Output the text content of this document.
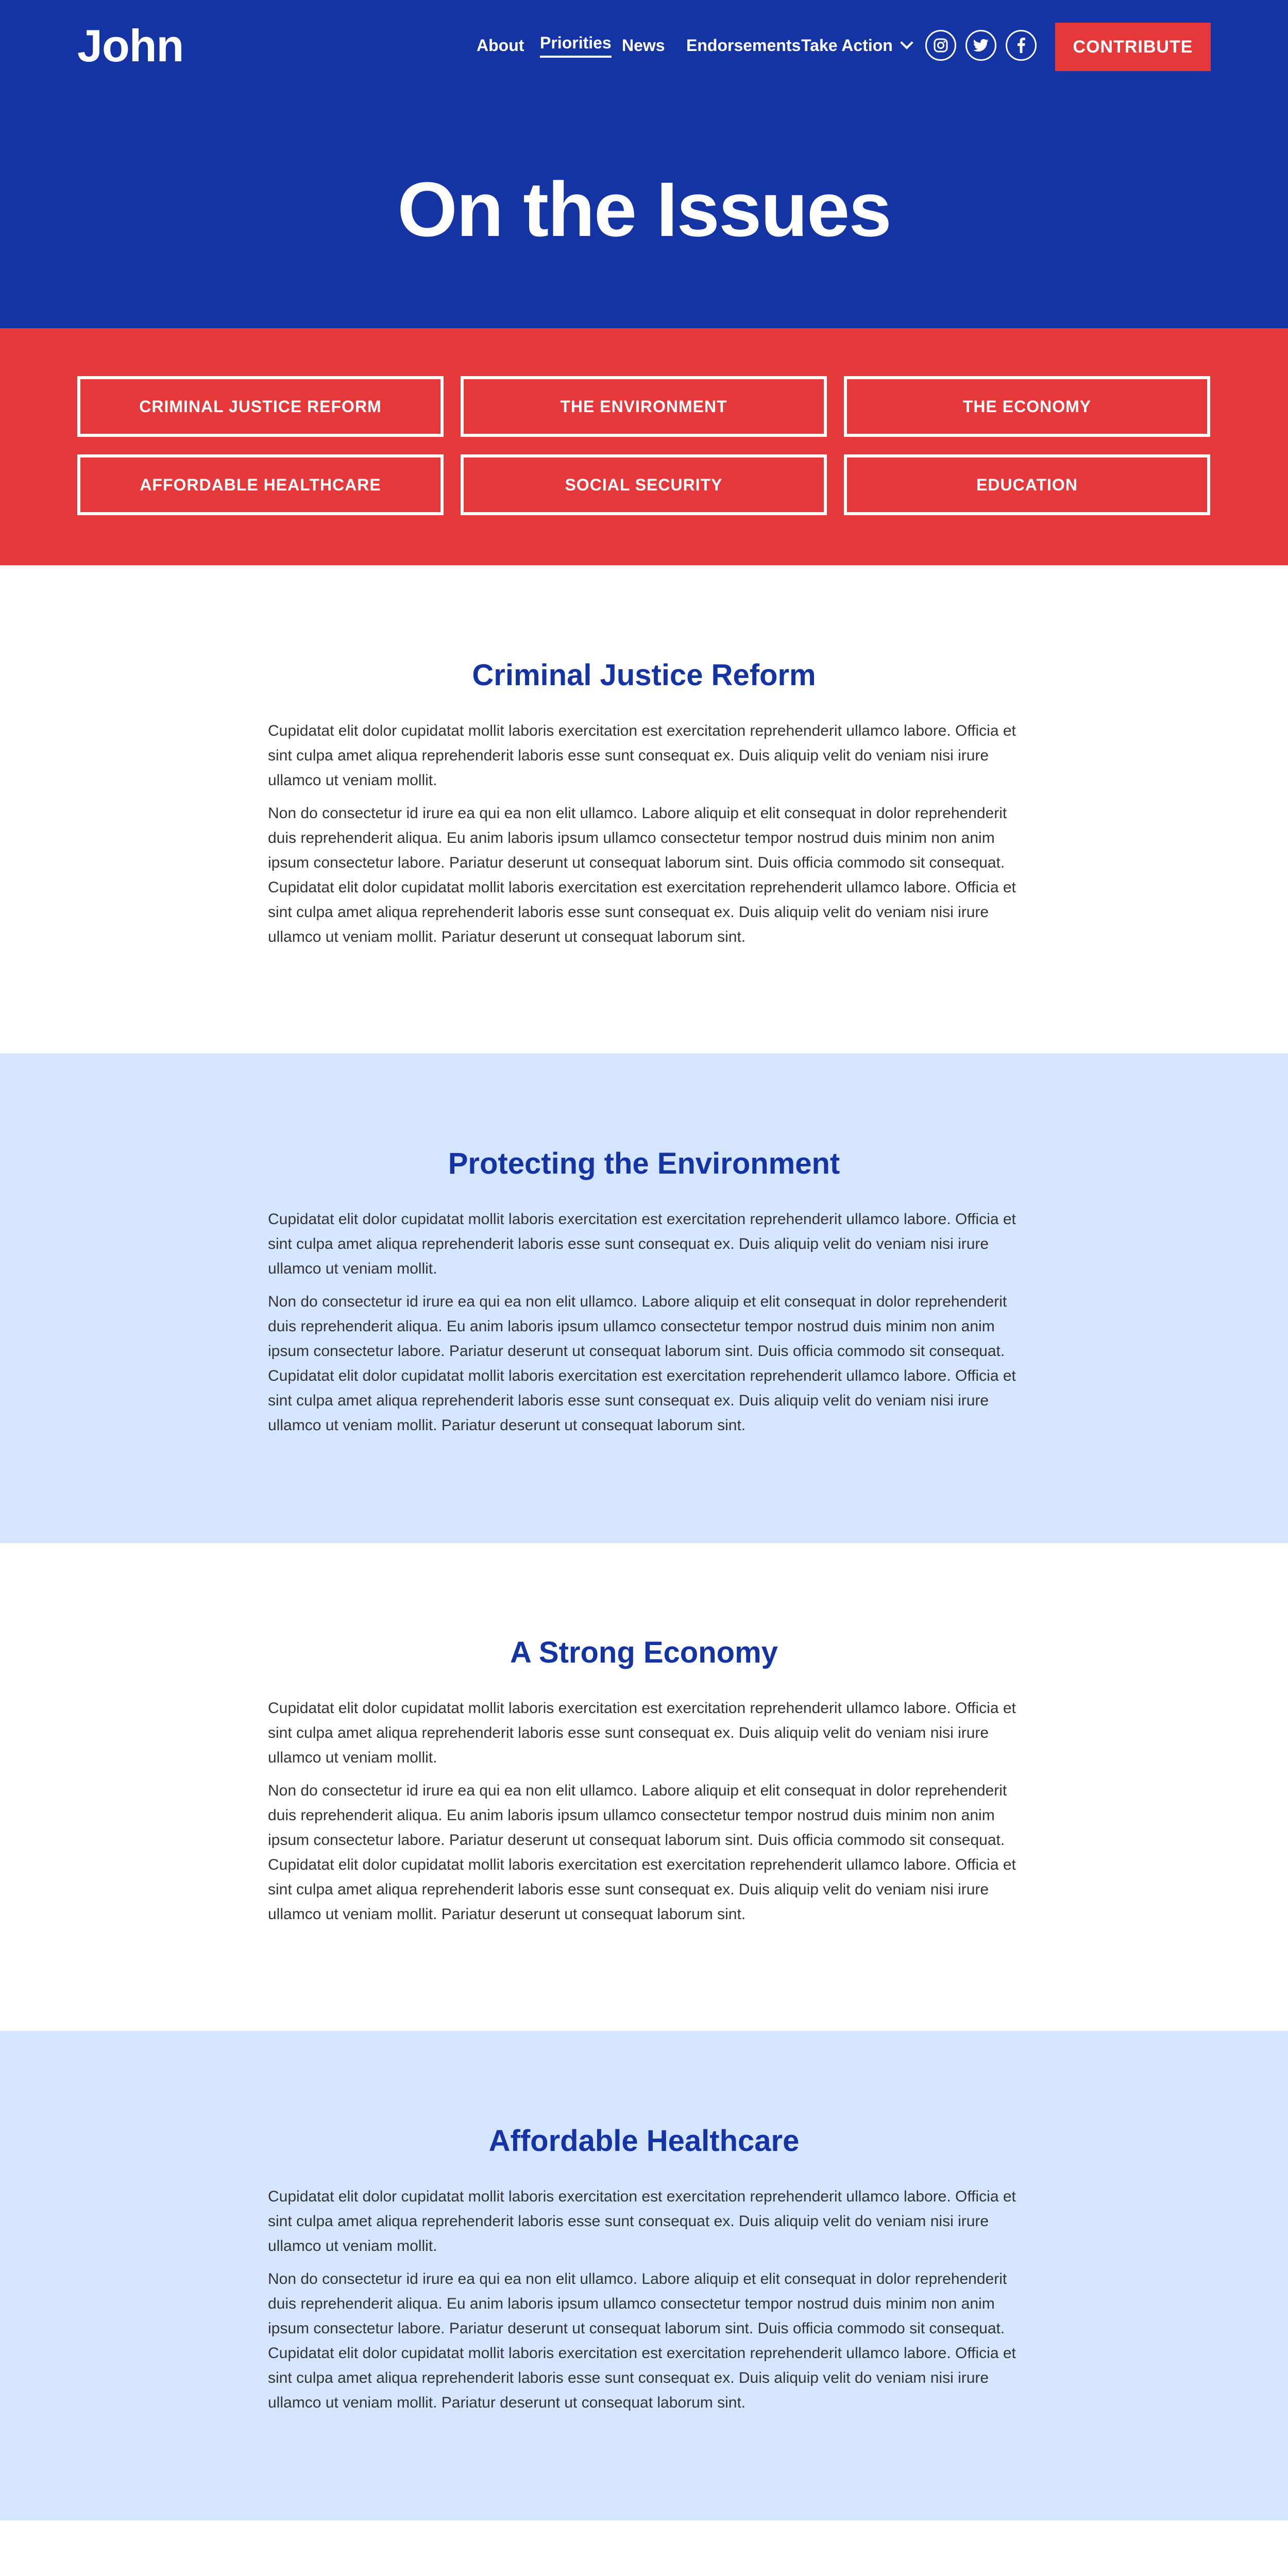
John	About Priorities News Endorsements Take Action	CONTRIBUTE
On the Issues
CRIMINAL JUSTICE REFORM	THE ENVIRONMENT	THE ECONOMY
AFFORDABLE HEALTHCARE	SOCIAL SECURITY	EDUCATION
Criminal Justice Reform

Cupidatat elit dolor cupidatat mollit laboris exercitation est exercitation reprehenderit ullamco labore. Officia et sint culpa amet aliqua reprehenderit laboris esse sunt consequat ex. Duis aliquip velit do veniam nisi irure ullamco ut veniam mollit.

Non do consectetur id irure ea qui ea non elit ullamco. Labore aliquip et elit consequat in dolor reprehenderit duis reprehenderit aliqua. Eu anim laboris ipsum ullamco consectetur tempor nostrud duis minim non anim ipsum consectetur labore. Pariatur deserunt ut consequat laborum sint. Duis officia commodo sit consequat. Cupidatat elit dolor cupidatat mollit laboris exercitation est exercitation reprehenderit ullamco labore. Officia et sint culpa amet aliqua reprehenderit laboris esse sunt consequat ex. Duis aliquip velit do veniam nisi irure ullamco ut veniam mollit. Pariatur deserunt ut consequat laborum sint.

Protecting the Environment

Cupidatat elit dolor cupidatat mollit laboris exercitation est exercitation reprehenderit ullamco labore. Officia et sint culpa amet aliqua reprehenderit laboris esse sunt consequat ex. Duis aliquip velit do veniam nisi irure ullamco ut veniam mollit.

Non do consectetur id irure ea qui ea non elit ullamco. Labore aliquip et elit consequat in dolor reprehenderit duis reprehenderit aliqua. Eu anim laboris ipsum ullamco consectetur tempor nostrud duis minim non anim ipsum consectetur labore. Pariatur deserunt ut consequat laborum sint. Duis officia commodo sit consequat. Cupidatat elit dolor cupidatat mollit laboris exercitation est exercitation reprehenderit ullamco labore. Officia et sint culpa amet aliqua reprehenderit laboris esse sunt consequat ex. Duis aliquip velit do veniam nisi irure ullamco ut veniam mollit. Pariatur deserunt ut consequat laborum sint.

A Strong Economy

Cupidatat elit dolor cupidatat mollit laboris exercitation est exercitation reprehenderit ullamco labore. Officia et sint culpa amet aliqua reprehenderit laboris esse sunt consequat ex. Duis aliquip velit do veniam nisi irure ullamco ut veniam mollit.

Non do consectetur id irure ea qui ea non elit ullamco. Labore aliquip et elit consequat in dolor reprehenderit duis reprehenderit aliqua. Eu anim laboris ipsum ullamco consectetur tempor nostrud duis minim non anim ipsum consectetur labore. Pariatur deserunt ut consequat laborum sint. Duis officia commodo sit consequat. Cupidatat elit dolor cupidatat mollit laboris exercitation est exercitation reprehenderit ullamco labore. Officia et sint culpa amet aliqua reprehenderit laboris esse sunt consequat ex. Duis aliquip velit do veniam nisi irure ullamco ut veniam mollit. Pariatur deserunt ut consequat laborum sint.

Affordable Healthcare

Cupidatat elit dolor cupidatat mollit laboris exercitation est exercitation reprehenderit ullamco labore. Officia et sint culpa amet aliqua reprehenderit laboris esse sunt consequat ex. Duis aliquip velit do veniam nisi irure ullamco ut veniam mollit.

Non do consectetur id irure ea qui ea non elit ullamco. Labore aliquip et elit consequat in dolor reprehenderit duis reprehenderit aliqua. Eu anim laboris ipsum ullamco consectetur tempor nostrud duis minim non anim ipsum consectetur labore. Pariatur deserunt ut consequat laborum sint. Duis officia commodo sit consequat. Cupidatat elit dolor cupidatat mollit laboris exercitation est exercitation reprehenderit ullamco labore. Officia et sint culpa amet aliqua reprehenderit laboris esse sunt consequat ex. Duis aliquip velit do veniam nisi irure ullamco ut veniam mollit. Pariatur deserunt ut consequat laborum sint.
